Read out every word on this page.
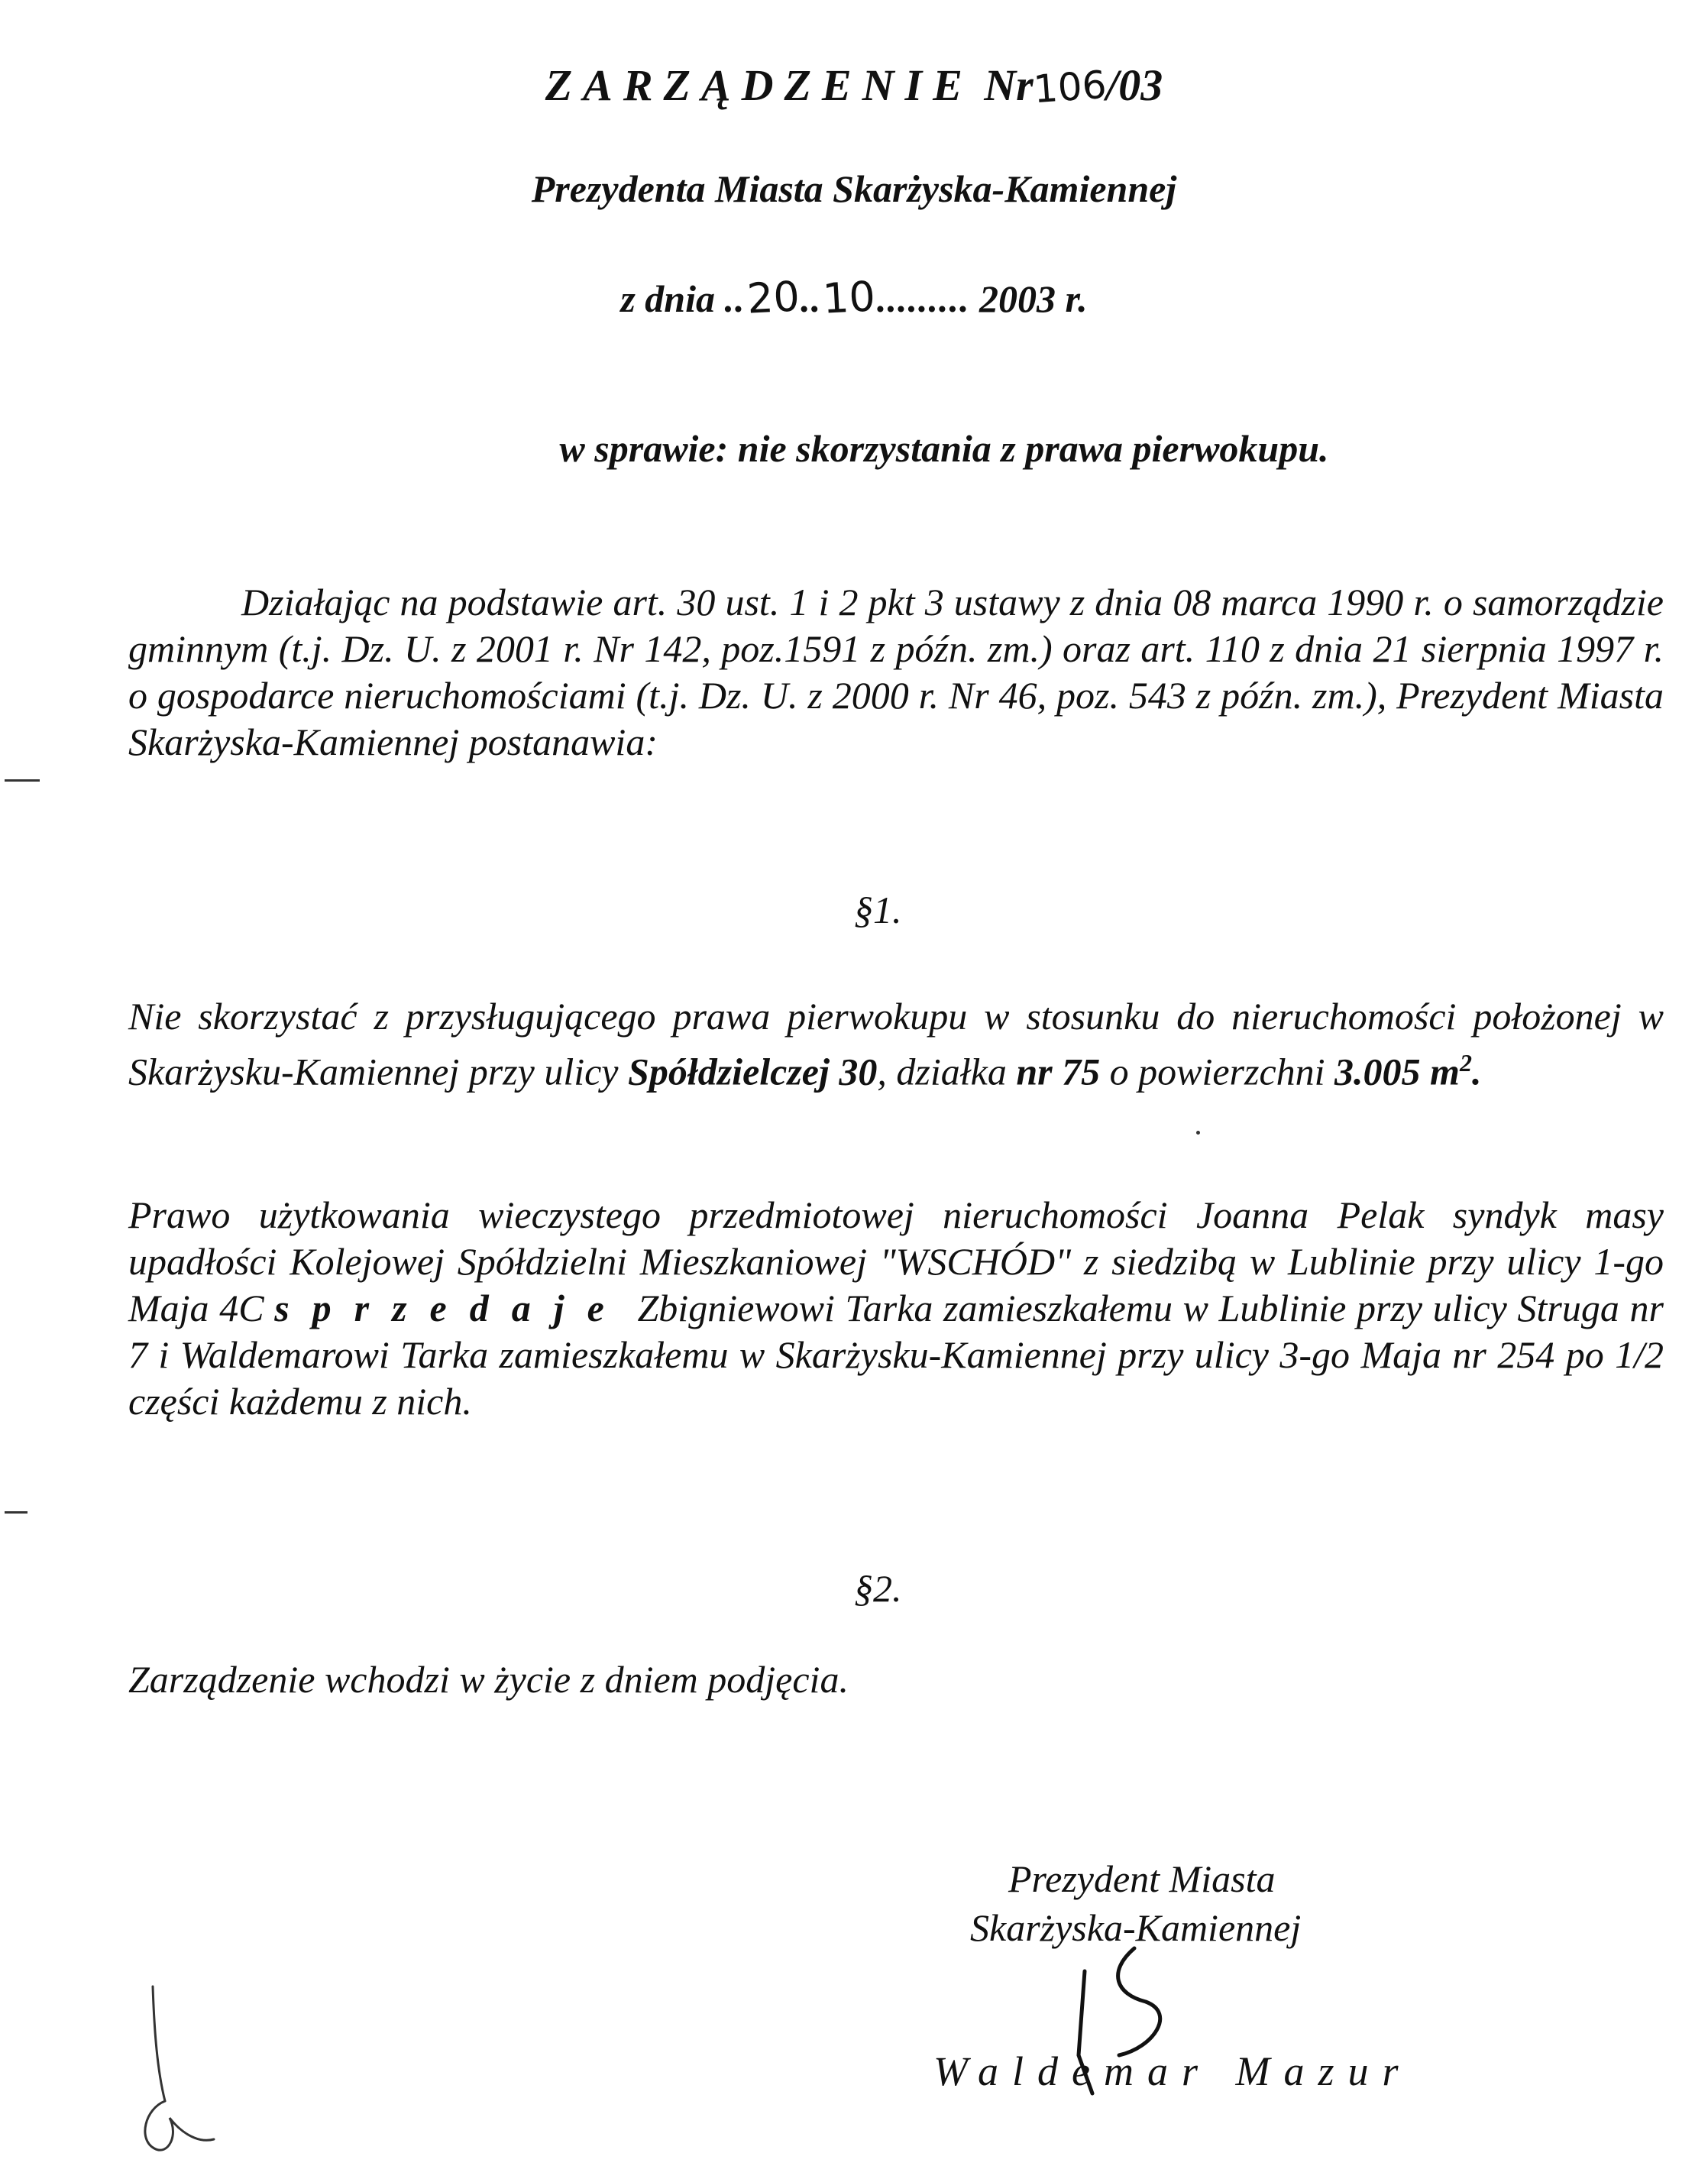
ZARZĄDZENIE Nr106/03
Prezydenta Miasta Skarżyska-Kamiennej
z dnia ..20..10......... 2003 r.
w sprawie: nie skorzystania z prawa pierwokupu.
Działając na podstawie art. 30 ust. 1 i 2 pkt 3 ustawy z dnia 08 marca 1990 r. o samorządzie gminnym (t.j. Dz. U. z 2001 r. Nr 142, poz.1591 z późn. zm.) oraz art. 110 z dnia 21 sierpnia 1997 r. o gospodarce nieruchomościami (t.j. Dz. U. z 2000 r. Nr 46, poz. 543 z późn. zm.), Prezydent Miasta Skarżyska-Kamiennej postanawia:
§1.
Nie skorzystać z przysługującego prawa pierwokupu w stosunku do nieruchomości położonej w Skarżysku-Kamiennej przy ulicy Spółdzielczej 30, działka nr 75 o powierzchni 3.005 $m^2$.
Prawo użytkowania wieczystego przedmiotowej nieruchomości Joanna Pelak syndyk masy upadłości Kolejowej Spółdzielni Mieszkaniowej "WSCHÓD" z siedzibą w Lublinie przy ulicy 1-go Maja 4C sprzedaje Zbigniewowi Tarka zamieszkałemu w Lublinie przy ulicy Struga nr 7 i Waldemarowi Tarka zamieszkałemu w Skarżysku-Kamiennej przy ulicy 3-go Maja nr 254 po 1/2 części każdemu z nich.
§2.
Zarządzenie wchodzi w życie z dniem podjęcia.
Prezydent Miasta
Skarżyska-Kamiennej
Waldemar Mazur
